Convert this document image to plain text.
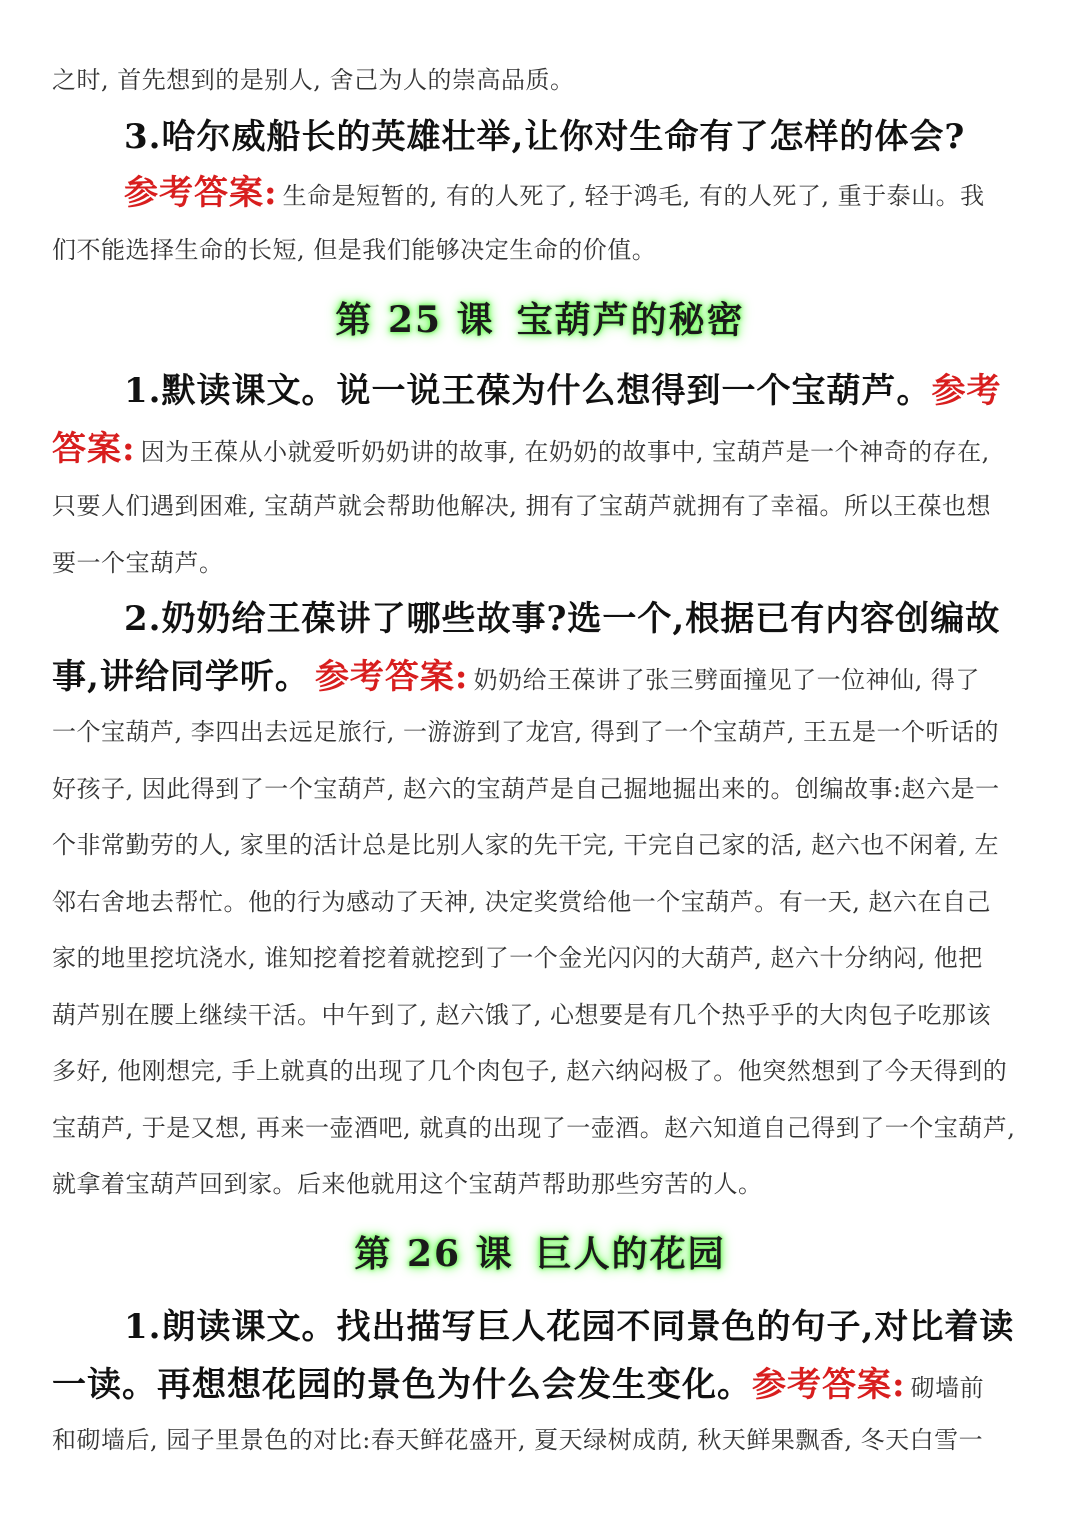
之时, 首先想到的是别人, 舍己为人的崇高品质。
3.哈尔威船长的英雄壮举,让你对生命有了怎样的体会?
参考答案: 生命是短暂的, 有的人死了, 轻于鸿毛, 有的人死了, 重于泰山。我
们不能选择生命的长短, 但是我们能够决定生命的价值。
第 25 课 宝葫芦的秘密
1.默读课文。说一说王葆为什么想得到一个宝葫芦。参考
答案: 因为王葆从小就爱听奶奶讲的故事, 在奶奶的故事中, 宝葫芦是一个神奇的存在,
只要人们遇到困难, 宝葫芦就会帮助他解决, 拥有了宝葫芦就拥有了幸福。所以王葆也想
要一个宝葫芦。
2.奶奶给王葆讲了哪些故事?选一个,根据已有内容创编故
事,讲给同学听。 参考答案: 奶奶给王葆讲了张三劈面撞见了一位神仙, 得了
一个宝葫芦, 李四出去远足旅行, 一游游到了龙宫, 得到了一个宝葫芦, 王五是一个听话的
好孩子, 因此得到了一个宝葫芦, 赵六的宝葫芦是自己掘地掘出来的。创编故事:赵六是一
个非常勤劳的人, 家里的活计总是比别人家的先干完, 干完自己家的活, 赵六也不闲着, 左
邻右舍地去帮忙。他的行为感动了天神, 决定奖赏给他一个宝葫芦。有一天, 赵六在自己
家的地里挖坑浇水, 谁知挖着挖着就挖到了一个金光闪闪的大葫芦, 赵六十分纳闷, 他把
葫芦别在腰上继续干活。中午到了, 赵六饿了, 心想要是有几个热乎乎的大肉包子吃那该
多好, 他刚想完, 手上就真的出现了几个肉包子, 赵六纳闷极了。他突然想到了今天得到的
宝葫芦, 于是又想, 再来一壶酒吧, 就真的出现了一壶酒。赵六知道自己得到了一个宝葫芦,
就拿着宝葫芦回到家。后来他就用这个宝葫芦帮助那些穷苦的人。
第 26 课 巨人的花园
1.朗读课文。找出描写巨人花园不同景色的句子,对比着读
一读。再想想花园的景色为什么会发生变化。参考答案: 砌墙前
和砌墙后, 园子里景色的对比:春天鲜花盛开, 夏天绿树成荫, 秋天鲜果飘香, 冬天白雪一
